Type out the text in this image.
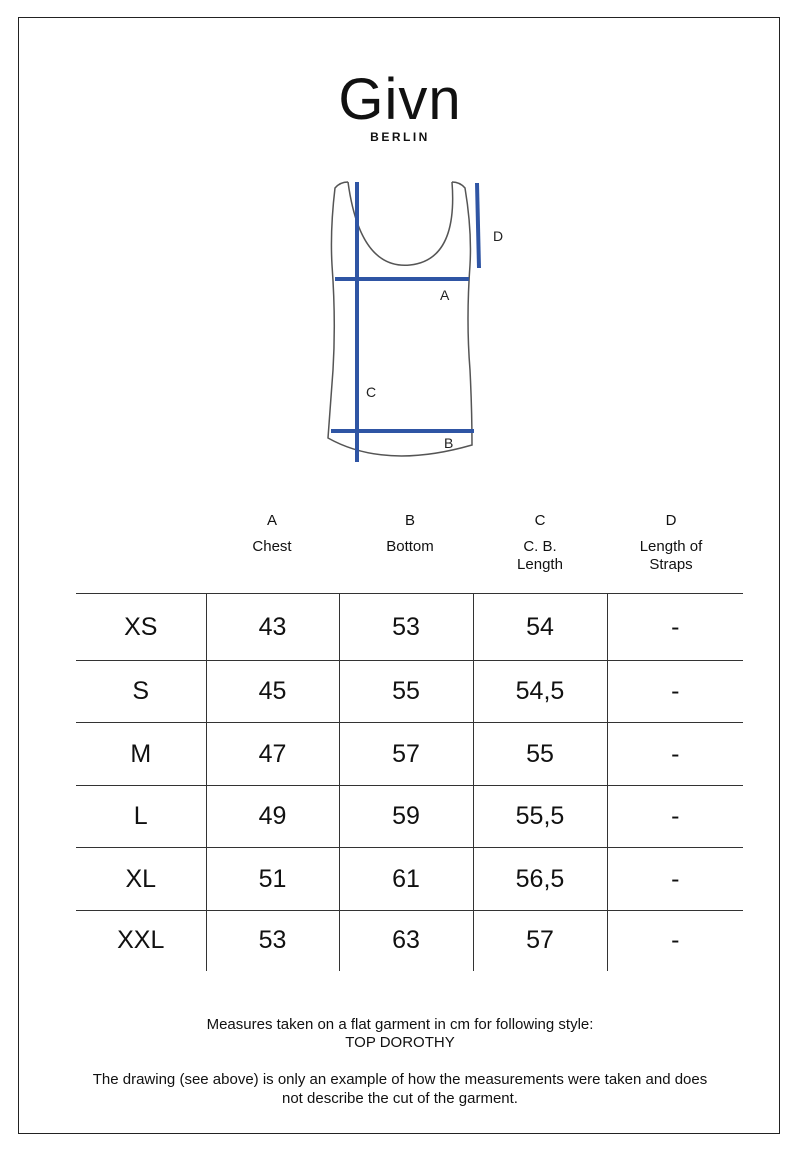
Givn
BERLIN
D
A
C
B
A
Chest
B
Bottom
C
C. B.
Length
D
Length of
Straps
XS	43	53	54	-
S	45	55	54,5	-
M	47	57	55	-
L	49	59	55,5	-
XL	51	61	56,5	-
XXL	53	63	57	-
Measures taken on a flat garment in cm for following style:
TOP DOROTHY
The drawing (see above) is only an example of how the measurements were taken and does
not describe the cut of the garment.
